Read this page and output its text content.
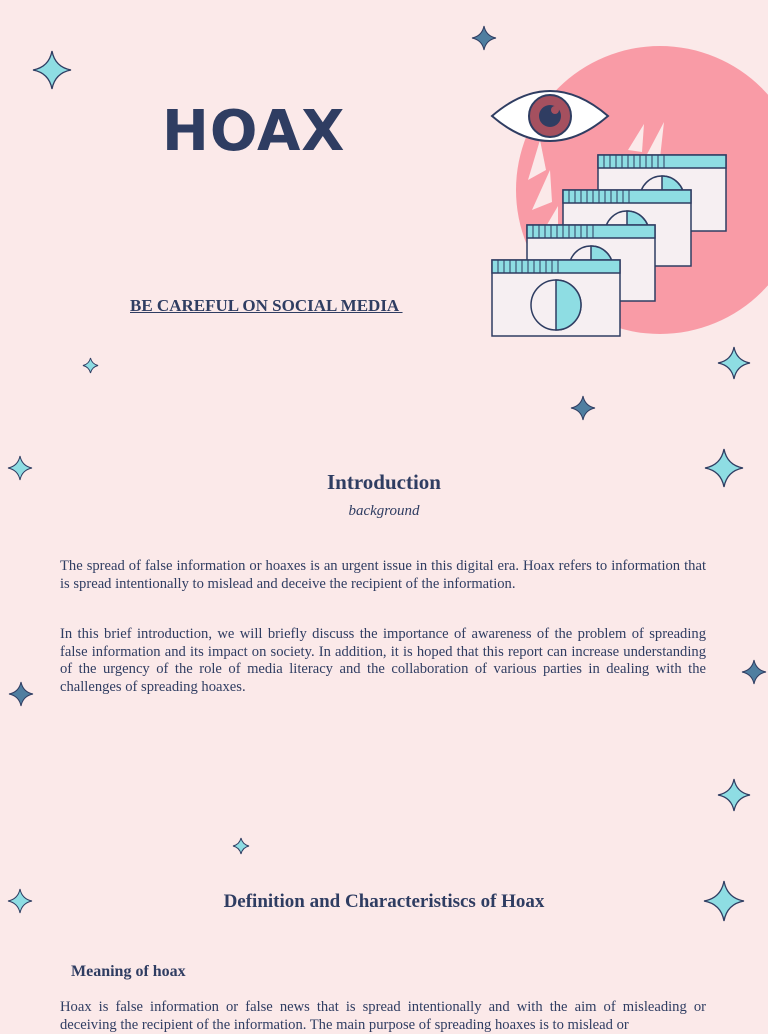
HOAX
BE CAREFUL ON SOCIAL MEDIA
Introduction
background

The spread of false information or hoaxes is an urgent issue in this digital era. Hoax refers to information that is spread intentionally to mislead and deceive the recipient of the information.

In this brief introduction, we will briefly discuss the importance of awareness of the problem of spreading false information and its impact on society. In addition, it is hoped that this report can increase understanding of the urgency of the role of media literacy and the collaboration of various parties in dealing with the challenges of spreading hoaxes.

Definition and Characteristiscs of Hoax
Meaning of hoax

Hoax is false information or false news that is spread intentionally and with the aim of misleading or deceiving the recipient of the information. The main purpose of spreading hoaxes is to mislead or
